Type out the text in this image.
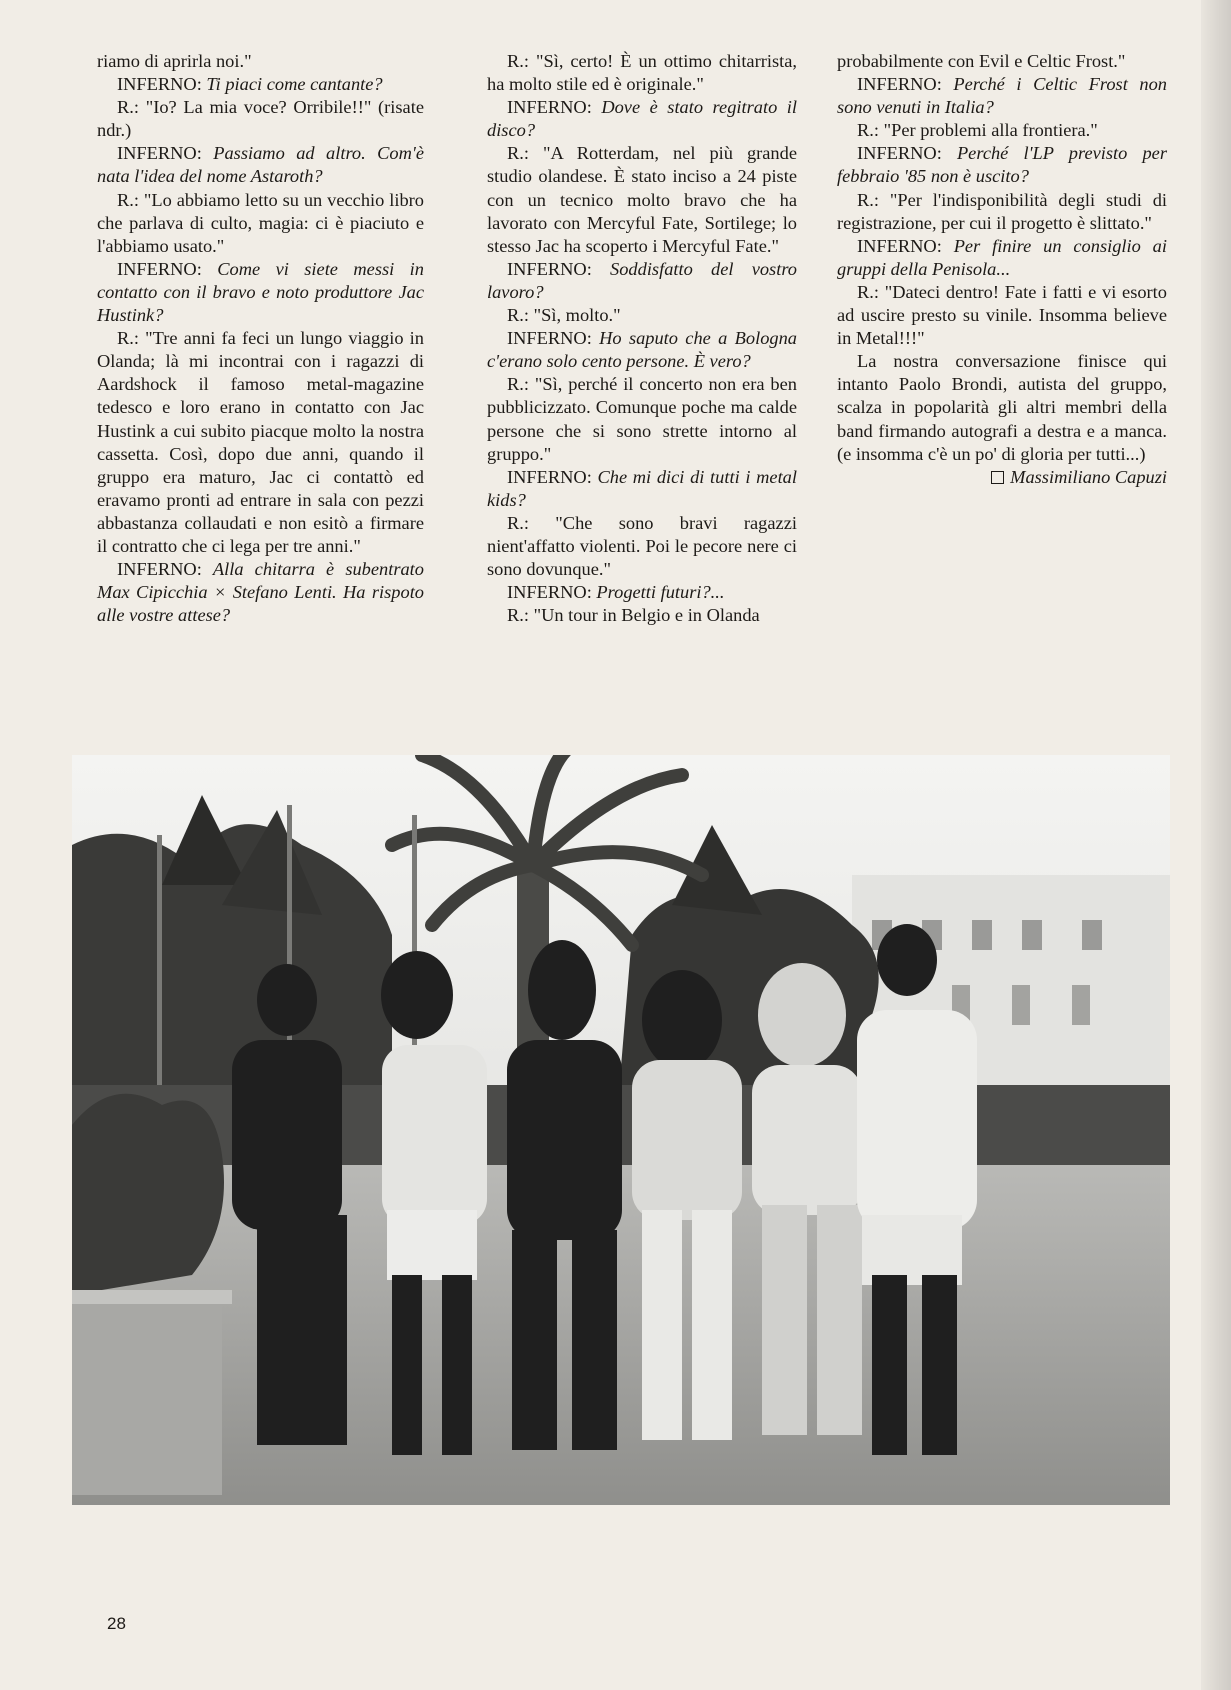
riamo di aprirla noi."

INFERNO: Ti piaci come cantante?

R.: "Io? La mia voce? Orribile!!" (risate ndr.)

INFERNO: Passiamo ad altro. Com'è nata l'idea del nome Astaroth?

R.: "Lo abbiamo letto su un vecchio libro che parlava di culto, magia: ci è piaciuto e l'abbiamo usato."

INFERNO: Come vi siete messi in contatto con il bravo e noto produttore Jac Hustink?

R.: "Tre anni fa feci un lungo viaggio in Olanda; là mi incontrai con i ragazzi di Aardshock il famoso metal-magazine tedesco e loro erano in contatto con Jac Hustink a cui subito piacque molto la nostra cassetta. Così, dopo due anni, quando il gruppo era maturo, Jac ci contattò ed eravamo pronti ad entrare in sala con pezzi abbastanza collaudati e non esitò a firmare il contratto che ci lega per tre anni."

INFERNO: Alla chitarra è subentrato Max Cipicchia × Stefano Lenti. Ha rispoto alle vostre attese?

R.: "Sì, certo! È un ottimo chitarrista, ha molto stile ed è originale."

INFERNO: Dove è stato regitrato il disco?

R.: "A Rotterdam, nel più grande studio olandese. È stato inciso a 24 piste con un tecnico molto bravo che ha lavorato con Mercyful Fate, Sortilege; lo stesso Jac ha scoperto i Mercyful Fate."

INFERNO: Soddisfatto del vostro lavoro?

R.: "Sì, molto."

INFERNO: Ho saputo che a Bologna c'erano solo cento persone. È vero?

R.: "Sì, perché il concerto non era ben pubblicizzato. Comunque poche ma calde persone che si sono strette intorno al gruppo."

INFERNO: Che mi dici di tutti i metal kids?

R.: "Che sono bravi ragazzi nient'affatto violenti. Poi le pecore nere ci sono dovunque."

INFERNO: Progetti futuri?...

R.: "Un tour in Belgio e in Olanda

probabilmente con Evil e Celtic Frost."

INFERNO: Perché i Celtic Frost non sono venuti in Italia?

R.: "Per problemi alla frontiera."

INFERNO: Perché l'LP previsto per febbraio '85 non è uscito?

R.: "Per l'indisponibilità degli studi di registrazione, per cui il progetto è slittato."

INFERNO: Per finire un consiglio ai gruppi della Penisola...

R.: "Dateci dentro! Fate i fatti e vi esorto ad uscire presto su vinile. Insomma believe in Metal!!!"

La nostra conversazione finisce qui intanto Paolo Brondi, autista del gruppo, scalza in popolarità gli altri membri della band firmando autografi a destra e a manca. (e insomma c'è un po' di gloria per tutti...)

Massimiliano Capuzi

28
